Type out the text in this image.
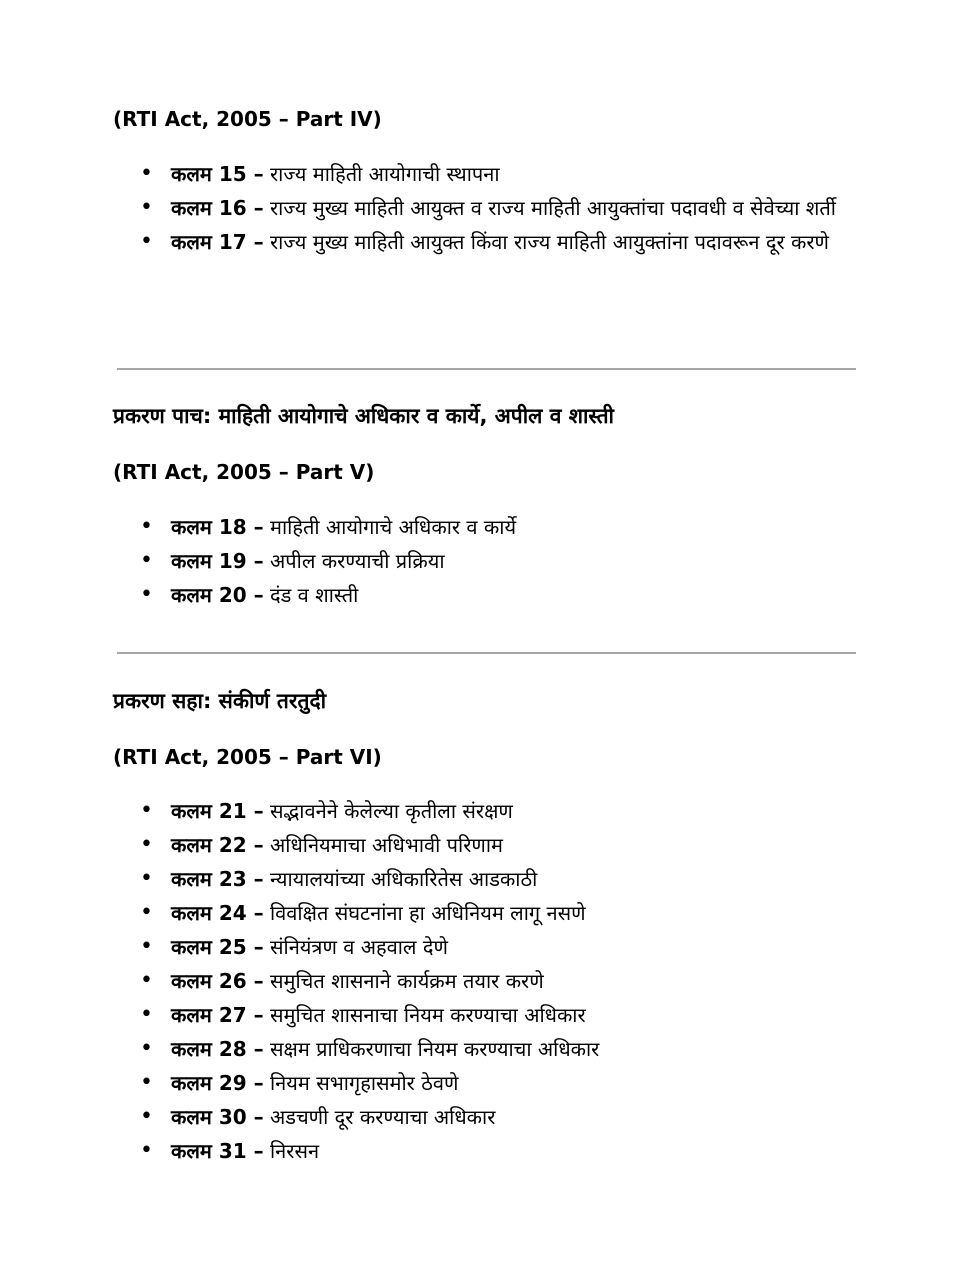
(RTI Act, 2005 – Part IV)
• कलम 15 – राज्य माहिती आयोगाची स्थापना
• कलम 16 – राज्य मुख्य माहिती आयुक्त व राज्य माहिती आयुक्तांचा पदावधी व सेवेच्या शर्ती
• कलम 17 – राज्य मुख्य माहिती आयुक्त किंवा राज्य माहिती आयुक्तांना पदावरून दूर करणे
प्रकरण पाच: माहिती आयोगाचे अधिकार व कार्ये, अपील व शास्ती
(RTI Act, 2005 – Part V)
• कलम 18 – माहिती आयोगाचे अधिकार व कार्ये
• कलम 19 – अपील करण्याची प्रक्रिया
• कलम 20 – दंड व शास्ती
प्रकरण सहा: संकीर्ण तरतुदी
(RTI Act, 2005 – Part VI)
• कलम 21 – सद्भावनेने केलेल्या कृतीला संरक्षण
• कलम 22 – अधिनियमाचा अधिभावी परिणाम
• कलम 23 – न्यायालयांच्या अधिकारितेस आडकाठी
• कलम 24 – विवक्षित संघटनांना हा अधिनियम लागू नसणे
• कलम 25 – संनियंत्रण व अहवाल देणे
• कलम 26 – समुचित शासनाने कार्यक्रम तयार करणे
• कलम 27 – समुचित शासनाचा नियम करण्याचा अधिकार
• कलम 28 – सक्षम प्राधिकरणाचा नियम करण्याचा अधिकार
• कलम 29 – नियम सभागृहासमोर ठेवणे
• कलम 30 – अडचणी दूर करण्याचा अधिकार
• कलम 31 – निरसन
